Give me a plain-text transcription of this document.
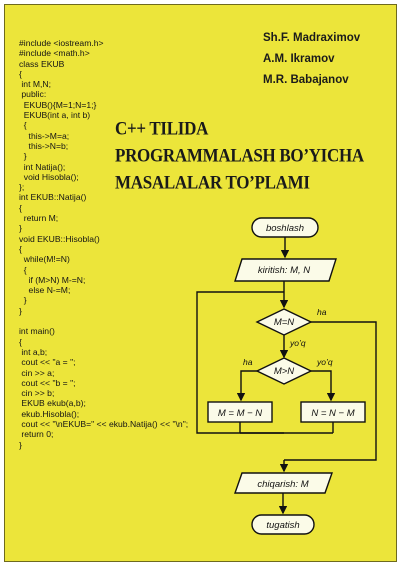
#include <iostream.h>
#include <math.h>
class EKUB
{
int M,N;
public:
EKUB(){M=1;N=1;}
EKUB(int a, int b)
{
this->M=a;
this->N=b;
}
int Natija();
void Hisobla();
};
int EKUB::Natija()
{
return M;
}
void EKUB::Hisobla()
{
while(M!=N)
{
if (M>N) M-=N;
else N-=M;
}
}
int main()
{
int a,b;
cout << "a = ";
cin >> a;
cout << "b = ";
cin >> b;
EKUB ekub(a,b);
ekub.Hisobla();
cout << "\nEKUB=" << ekub.Natija() << "\n";
return 0;
}
Sh.F. Madraximov
A.M. Ikramov
M.R. Babajanov
C++ TILIDA
PROGRAMMALASH BO’YICHA
MASALALAR TO’PLAMI
boshlash
kiritish: M, N
M=N
ha
yo’q
M>N
ha	yo’q
M = M − N	N = N − M
chiqarish: M
tugatish
